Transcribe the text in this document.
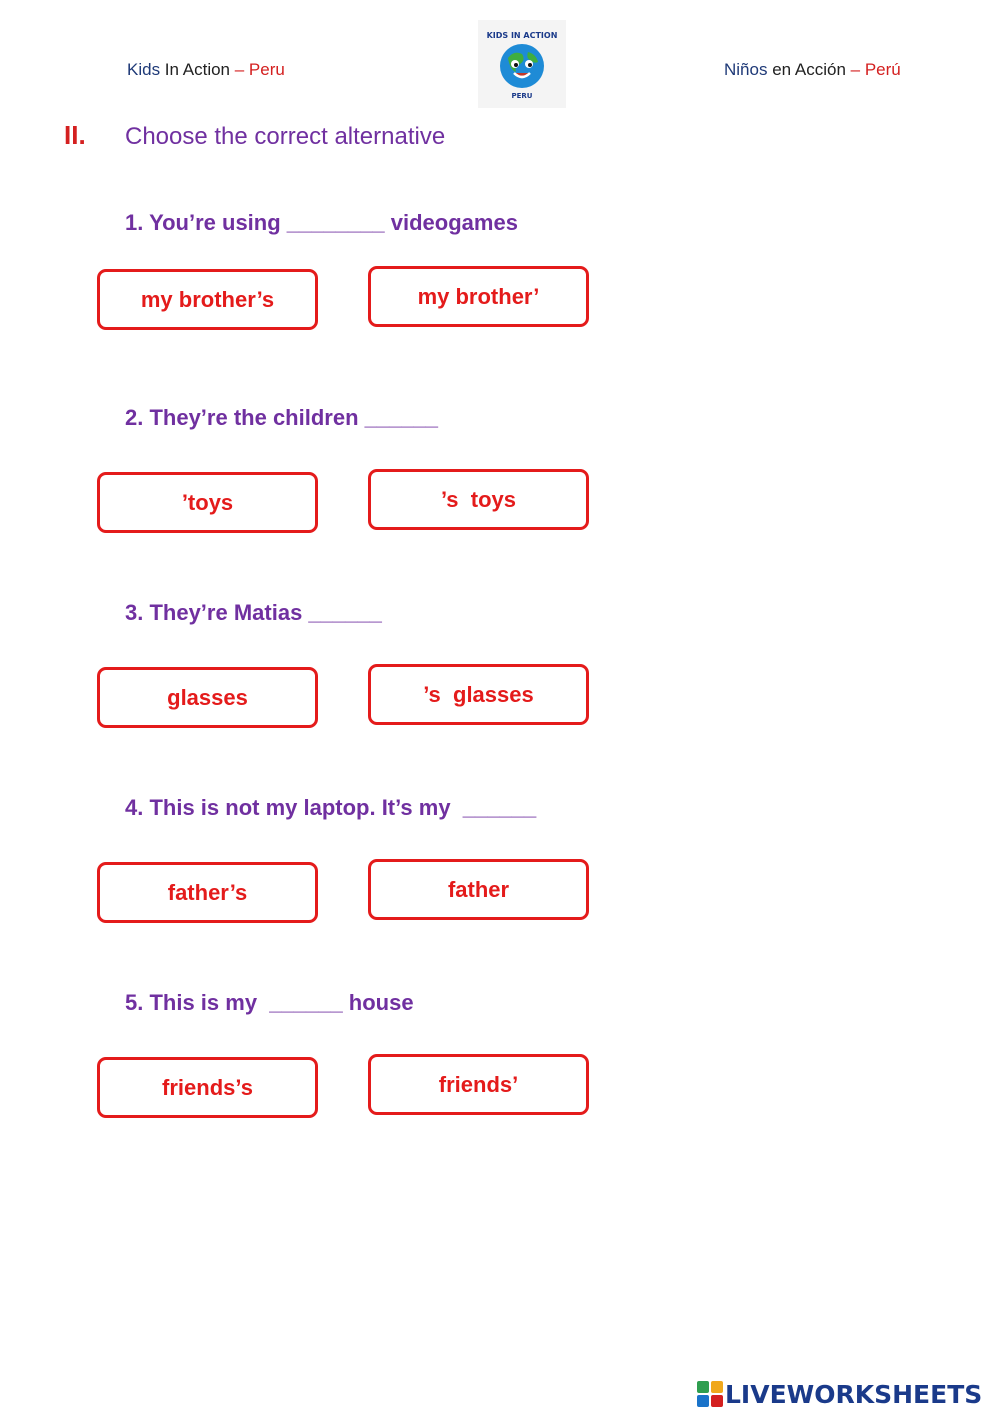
Kids In Action – Peru
KIDS IN ACTION
PERU
Niños en Acción – Perú
II. Choose the correct alternative
1. You’re using ________ videogames
my brother’s	my brother’
2. They’re the children ______
’toys	’s  toys
3. They’re Matias ______
glasses	’s  glasses
4. This is not my laptop. It’s my  ______
father’s	father
5. This is my  ______ house
friends’s	friends’
LIVEWORKSHEETS
